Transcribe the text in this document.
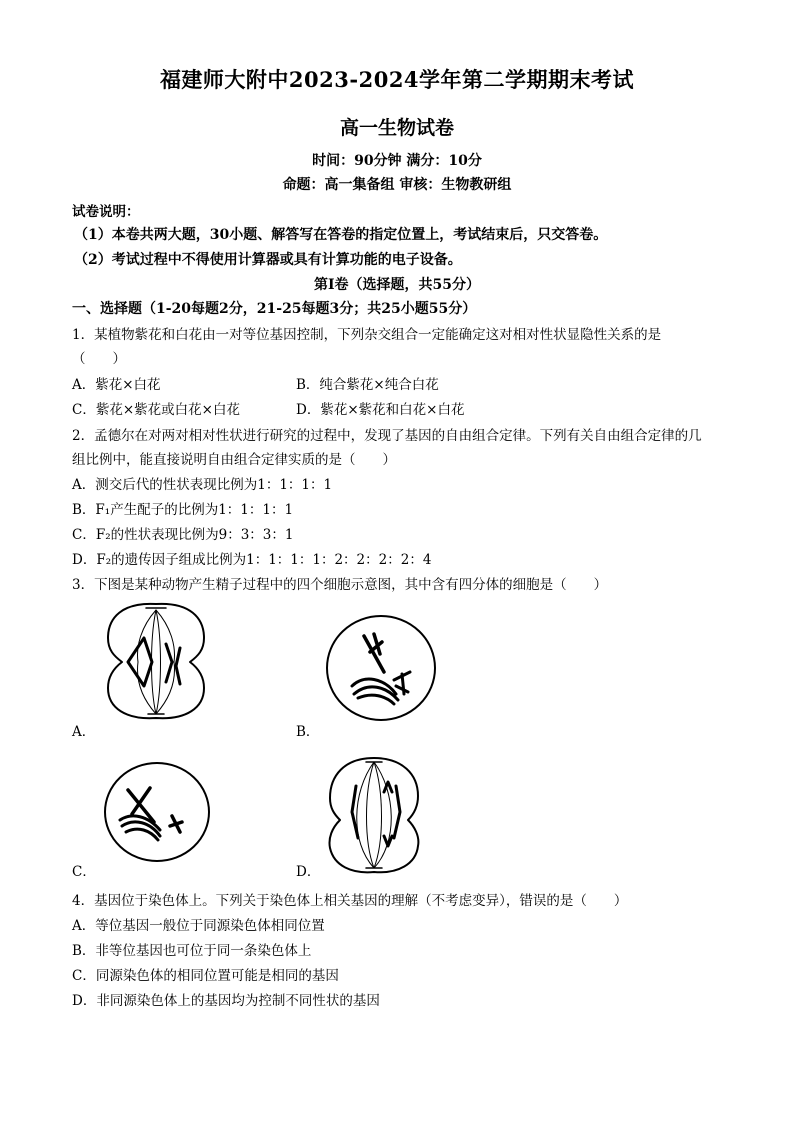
福建师大附中2023-2024学年第二学期期末考试
高一生物试卷
时间：90分钟 满分：10分
命题：高一集备组 审核：生物教研组
试卷说明：
（1）本卷共两大题，30小题、解答写在答卷的指定位置上，考试结束后，只交答卷。
（2）考试过程中不得使用计算器或具有计算功能的电子设备。
第Ⅰ卷（选择题，共55分）
一、选择题（1-20每题2分，21-25每题3分；共25小题55分）
1．某植物紫花和白花由一对等位基因控制，下列杂交组合一定能确定这对相对性状显隐性关系的是
（　　）
A．紫花×白花	B．纯合紫花×纯合白花
C．紫花×紫花或白花×白花	D．紫花×紫花和白花×白花
2．孟德尔在对两对相对性状进行研究的过程中，发现了基因的自由组合定律。下列有关自由组合定律的几
组比例中，能直接说明自由组合定律实质的是（　　）
A．测交后代的性状表现比例为1：1：1：1
B．F₁产生配子的比例为1：1：1：1
C．F₂的性状表现比例为9：3：3：1
D．F₂的遗传因子组成比例为1：1：1：1：2：2：2：2：4
3．下图是某种动物产生精子过程中的四个细胞示意图，其中含有四分体的细胞是（　　）
A．	B．
C．	D．
4．基因位于染色体上。下列关于染色体上相关基因的理解（不考虑变异），错误的是（　　）
A．等位基因一般位于同源染色体相同位置
B．非等位基因也可位于同一条染色体上
C．同源染色体的相同位置可能是相同的基因
D．非同源染色体上的基因均为控制不同性状的基因
